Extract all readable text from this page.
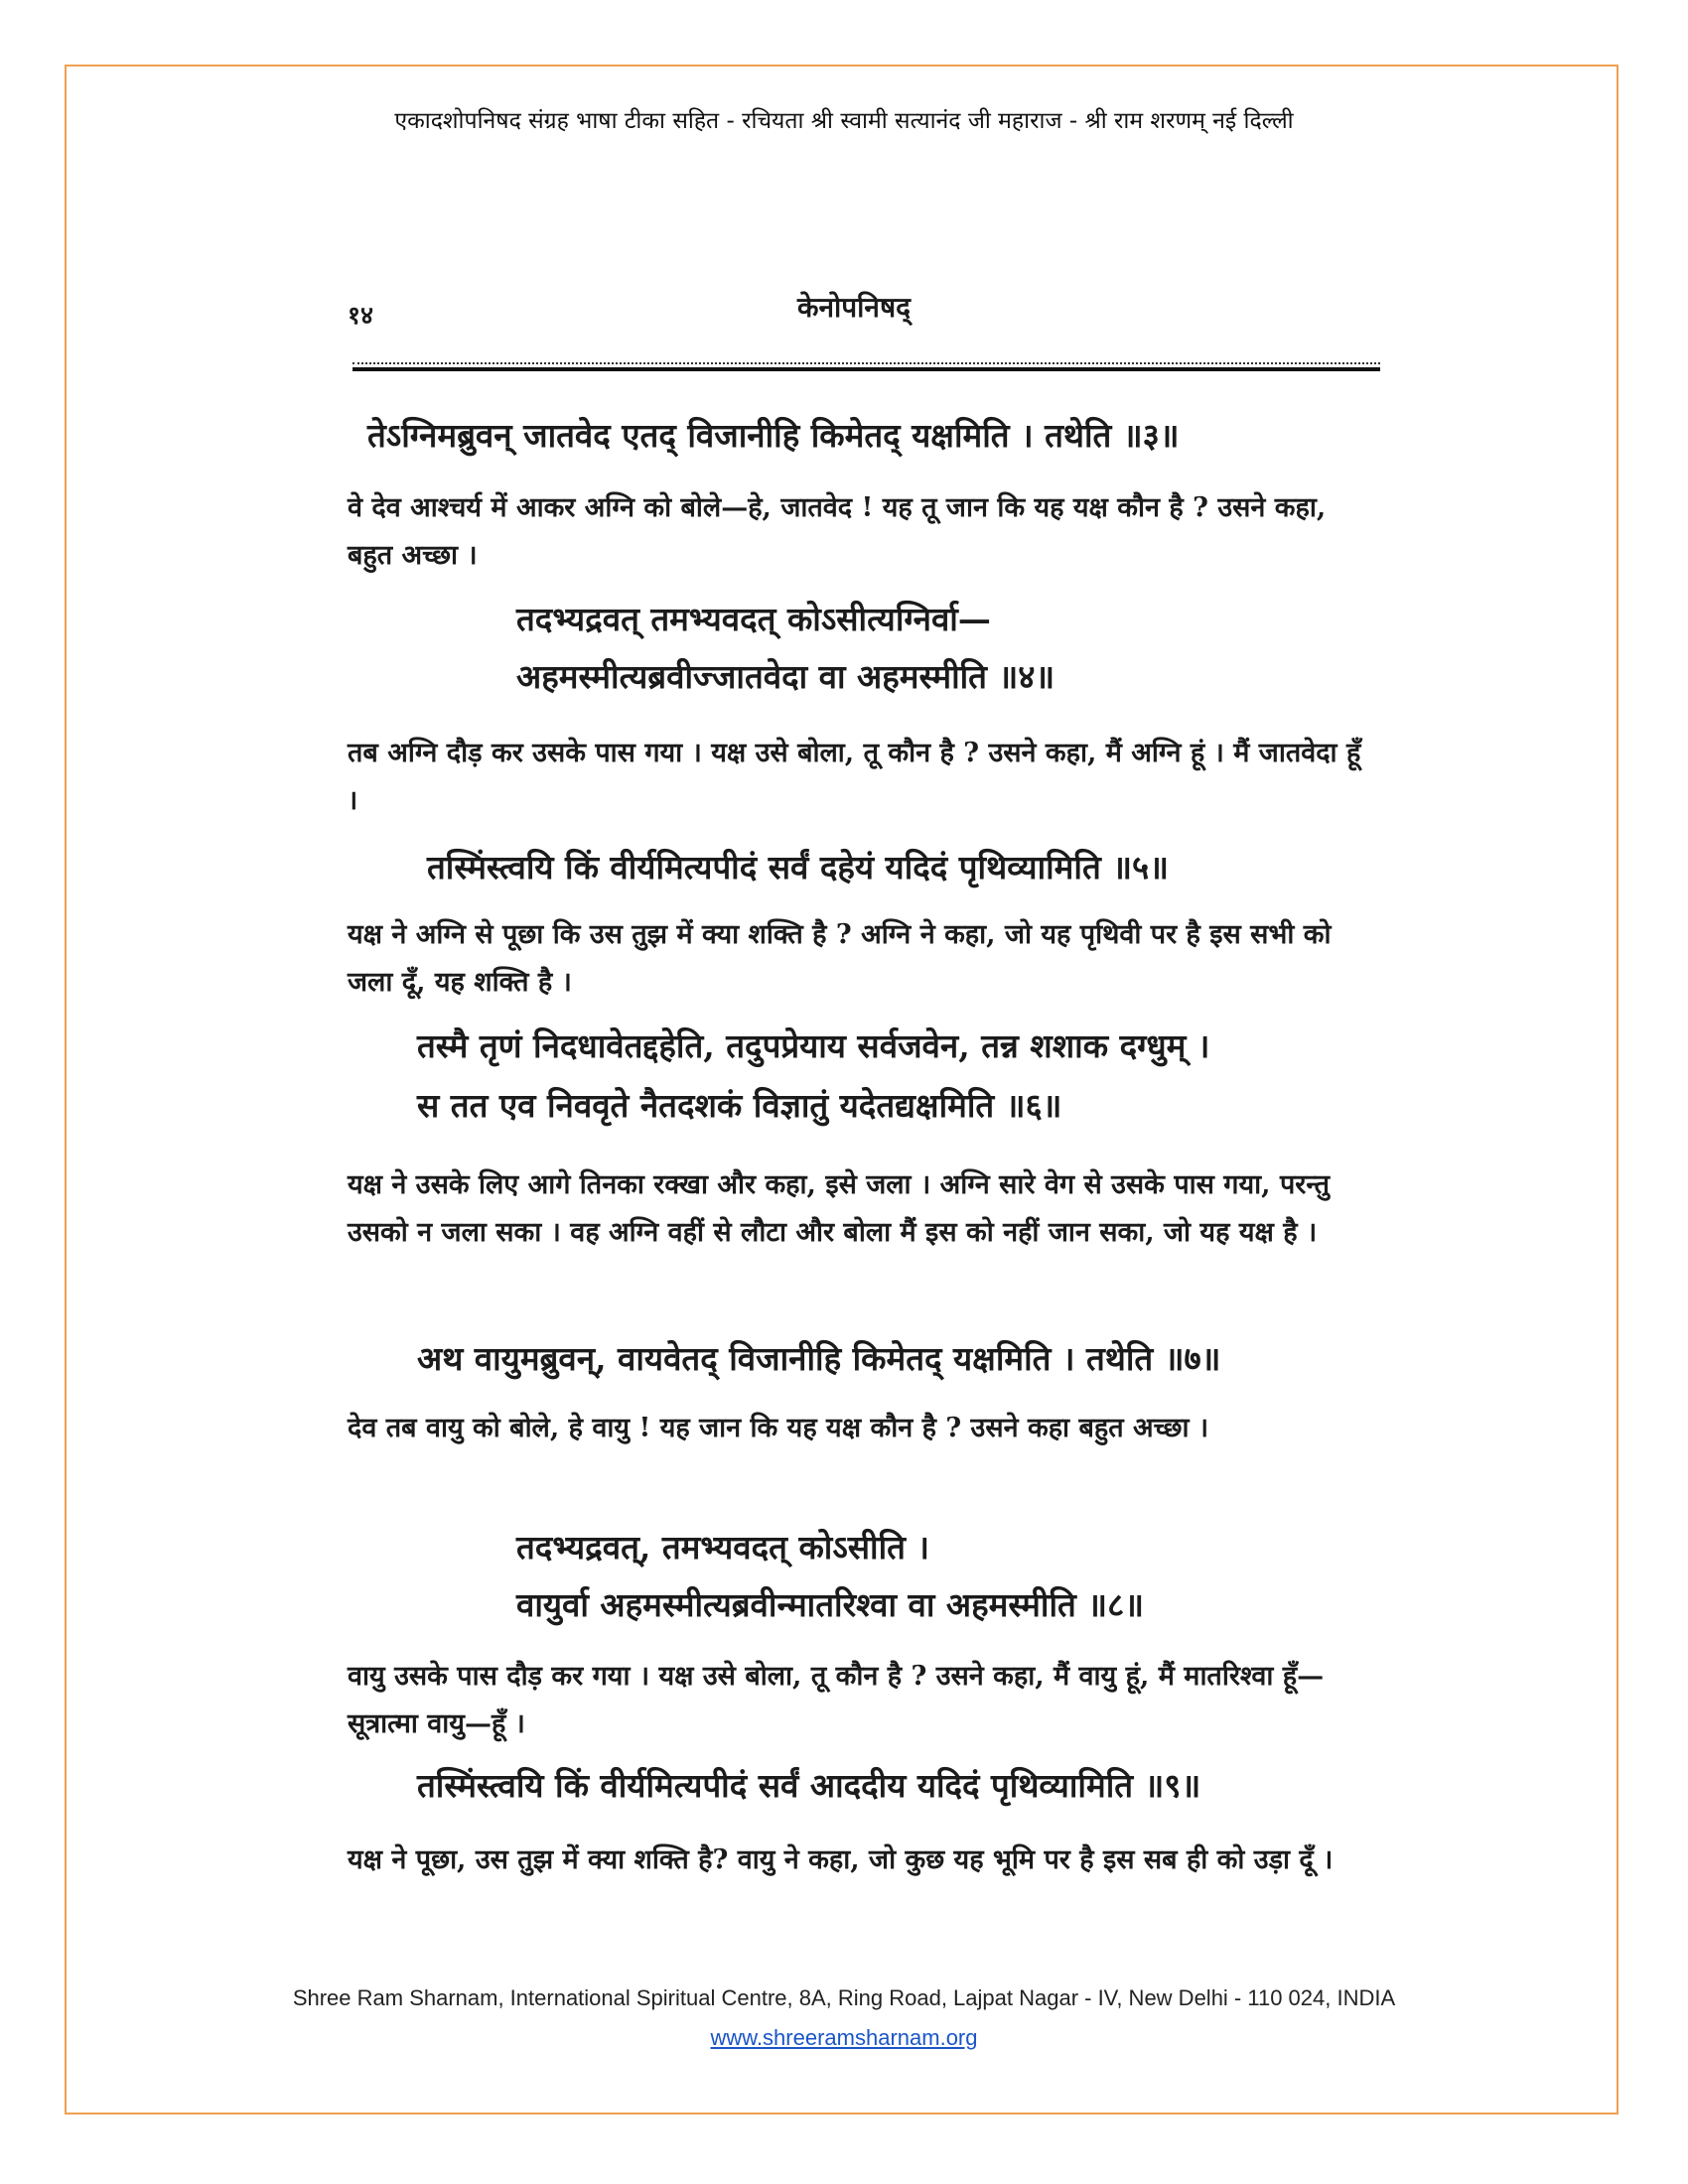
एकादशोपनिषद संग्रह भाषा टीका सहित - रचियता श्री स्वामी सत्यानंद जी महाराज - श्री राम शरणम् नई दिल्ली
१४	केनोपनिषद्
तेऽग्निमब्रुवन् जातवेद एतद् विजानीहि किमेतद् यक्षमिति । तथेति ॥३॥
वे देव आश्चर्य में आकर अग्नि को बोले—हे, जातवेद ! यह तू जान कि यह यक्ष कौन है ? उसने कहा, बहुत अच्छा ।
तदभ्यद्रवत् तमभ्यवदत् कोऽसीत्यग्निर्वा—
अहमस्मीत्यब्रवीज्जातवेदा वा अहमस्मीति ॥४॥
तब अग्नि दौड़ कर उसके पास गया । यक्ष उसे बोला, तू कौन है ? उसने कहा, मैं अग्नि हूं । मैं जातवेदा हूँ ।
तस्मिंस्त्वयि किं वीर्यमित्यपीदं सर्वं दहेयं यदिदं पृथिव्यामिति ॥५॥
यक्ष ने अग्नि से पूछा कि उस तुझ में क्या शक्ति है ? अग्नि ने कहा, जो यह पृथिवी पर है इस सभी को जला दूँ, यह शक्ति है ।
तस्मै तृणं निदधावेतद्दहेति, तदुपप्रेयाय सर्वजवेन, तन्न शशाक दग्धुम् ।
स तत एव निववृते नैतदशकं विज्ञातुं यदेतद्यक्षमिति ॥६॥
यक्ष ने उसके लिए आगे तिनका रक्खा और कहा, इसे जला । अग्नि सारे वेग से उसके पास गया, परन्तु उसको न जला सका । वह अग्नि वहीं से लौटा और बोला मैं इस को नहीं जान सका, जो यह यक्ष है ।
अथ वायुमब्रुवन्, वायवेतद् विजानीहि किमेतद् यक्षमिति । तथेति ॥७॥
देव तब वायु को बोले, हे वायु ! यह जान कि यह यक्ष कौन है ? उसने कहा बहुत अच्छा ।
तदभ्यद्रवत्, तमभ्यवदत् कोऽसीति ।
वायुर्वा अहमस्मीत्यब्रवीन्मातरिश्वा वा अहमस्मीति ॥८॥
वायु उसके पास दौड़ कर गया । यक्ष उसे बोला, तू कौन है ? उसने कहा, मैं वायु हूं, मैं मातरिश्वा हूँ—सूत्रात्मा वायु—हूँ ।
तस्मिंस्त्वयि किं वीर्यमित्यपीदं सर्वं आददीय यदिदं पृथिव्यामिति ॥९॥
यक्ष ने पूछा, उस तुझ में क्या शक्ति है? वायु ने कहा, जो कुछ यह भूमि पर है इस सब ही को उड़ा दूँ ।
Shree Ram Sharnam, International Spiritual Centre, 8A, Ring Road, Lajpat Nagar - IV, New Delhi - 110 024, INDIA
www.shreeramsharnam.org
